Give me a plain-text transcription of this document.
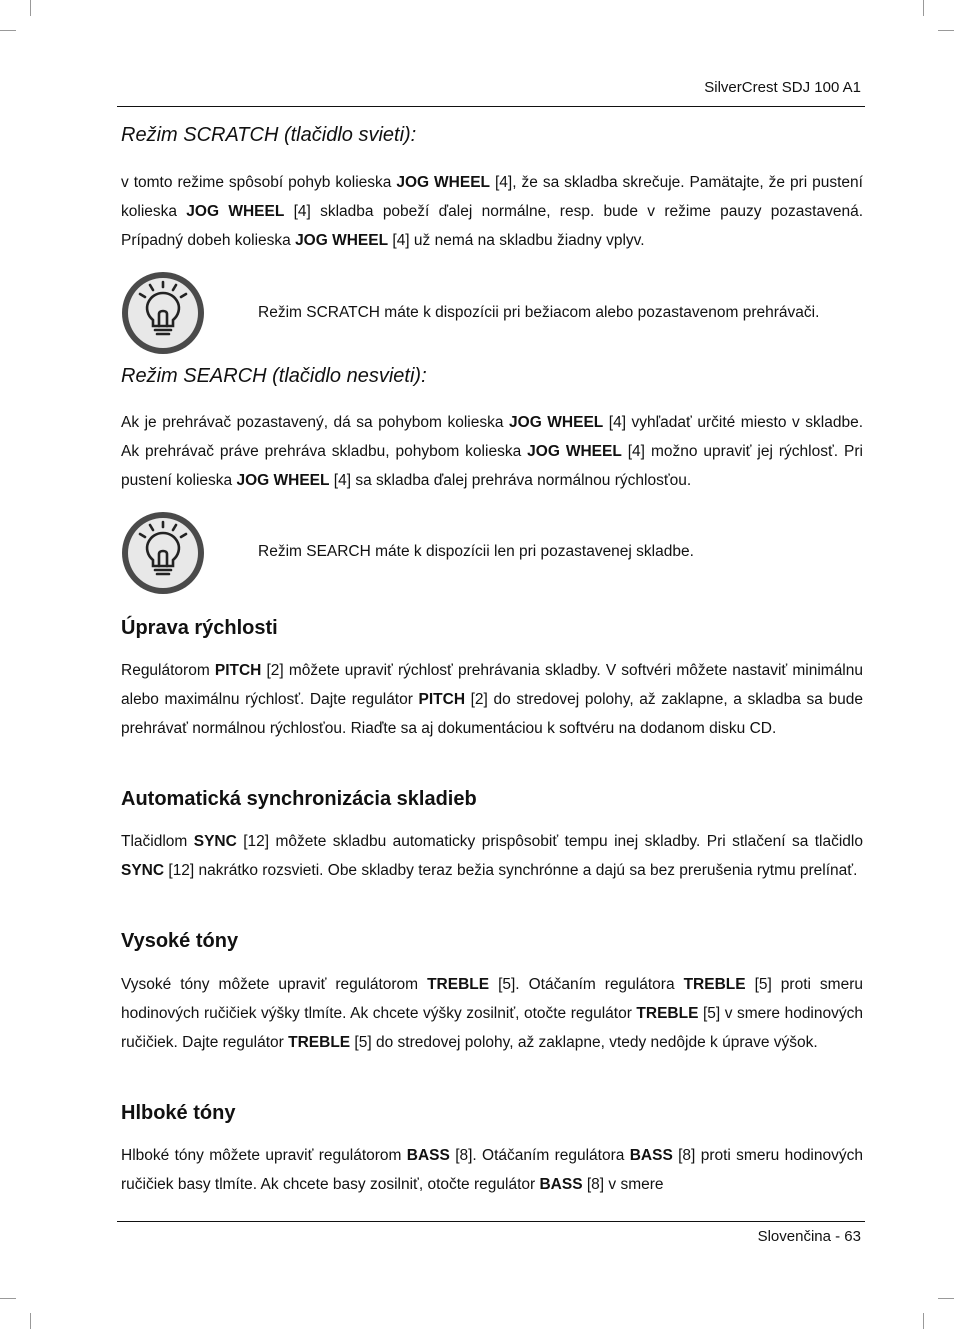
SilverCrest SDJ 100 A1
Režim SCRATCH (tlačidlo svieti):

v tomto režime spôsobí pohyb kolieska JOG WHEEL [4], že sa skladba skrečuje. Pamätajte, že pri pustení kolieska JOG WHEEL [4] skladba pobeží ďalej normálne, resp. bude v režime pauzy pozastavená. Prípadný dobeh kolieska JOG WHEEL [4] už nemá na skladbu žiadny vplyv.

Režim SCRATCH máte k dispozícii pri bežiacom alebo pozastavenom prehrávači.
Režim SEARCH (tlačidlo nesvieti):

Ak je prehrávač pozastavený, dá sa pohybom kolieska JOG WHEEL [4] vyhľadať určité miesto v skladbe. Ak prehrávač práve prehráva skladbu, pohybom kolieska JOG WHEEL [4] možno upraviť jej rýchlosť. Pri pustení kolieska JOG WHEEL [4] sa skladba ďalej prehráva normálnou rýchlosťou.

Režim SEARCH máte k dispozícii len pri pozastavenej skladbe.
Úprava rýchlosti

Regulátorom PITCH [2] môžete upraviť rýchlosť prehrávania skladby. V softvéri môžete nastaviť minimálnu alebo maximálnu rýchlosť. Dajte regulátor PITCH [2] do stredovej polohy, až zaklapne, a skladba sa bude prehrávať normálnou rýchlosťou. Riaďte sa aj dokumentáciou k softvéru na dodanom disku CD.

Automatická synchronizácia skladieb

Tlačidlom SYNC [12] môžete skladbu automaticky prispôsobiť tempu inej skladby. Pri stlačení sa tlačidlo SYNC [12] nakrátko rozsvieti. Obe skladby teraz bežia synchrónne a dajú sa bez prerušenia rytmu prelínať.

Vysoké tóny

Vysoké tóny môžete upraviť regulátorom TREBLE [5]. Otáčaním regulátora TREBLE [5] proti smeru hodinových ručičiek výšky tlmíte. Ak chcete výšky zosilniť, otočte regulátor TREBLE [5] v smere hodinových ručičiek. Dajte regulátor TREBLE [5] do stredovej polohy, až zaklapne, vtedy nedôjde k úprave výšok.

Hlboké tóny

Hlboké tóny môžete upraviť regulátorom BASS [8]. Otáčaním regulátora BASS [8] proti smeru hodinových ručičiek basy tlmíte. Ak chcete basy zosilniť, otočte regulátor BASS [8] v smere

Slovenčina - 63
